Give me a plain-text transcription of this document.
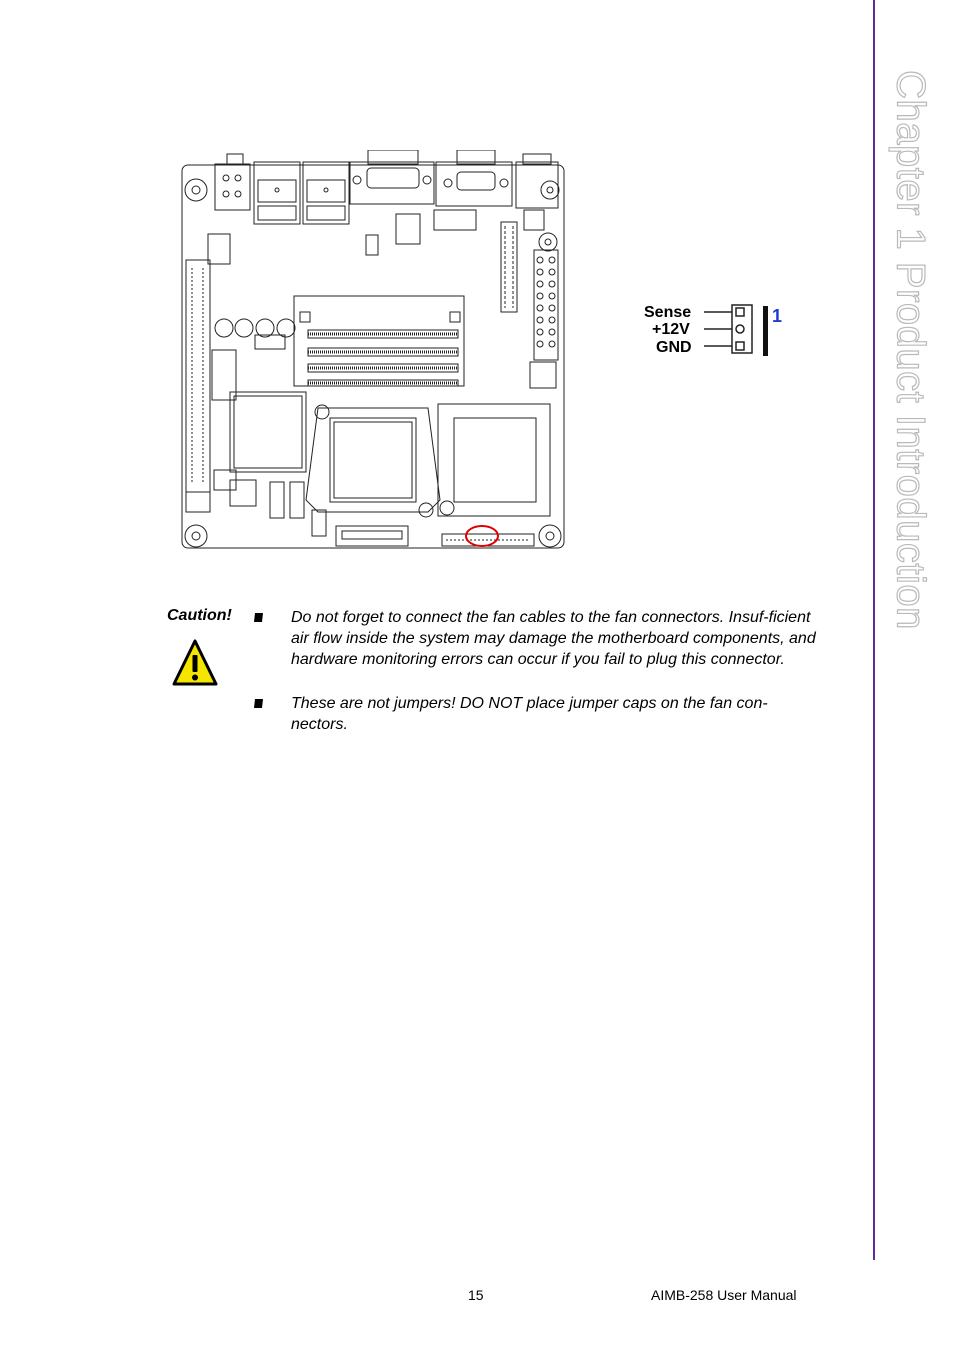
Chapter 1 Product Introduction
Sense
+12V
GND
1
Caution!	Do not forget to connect the fan cables to the fan connectors. Insuf-ficient air flow inside the system may damage the motherboard components, and hardware monitoring errors can occur if you fail to plug this connector.

These are not jumpers! DO NOT place jumper caps on the fan con-nectors.

15	AIMB-258 User Manual
